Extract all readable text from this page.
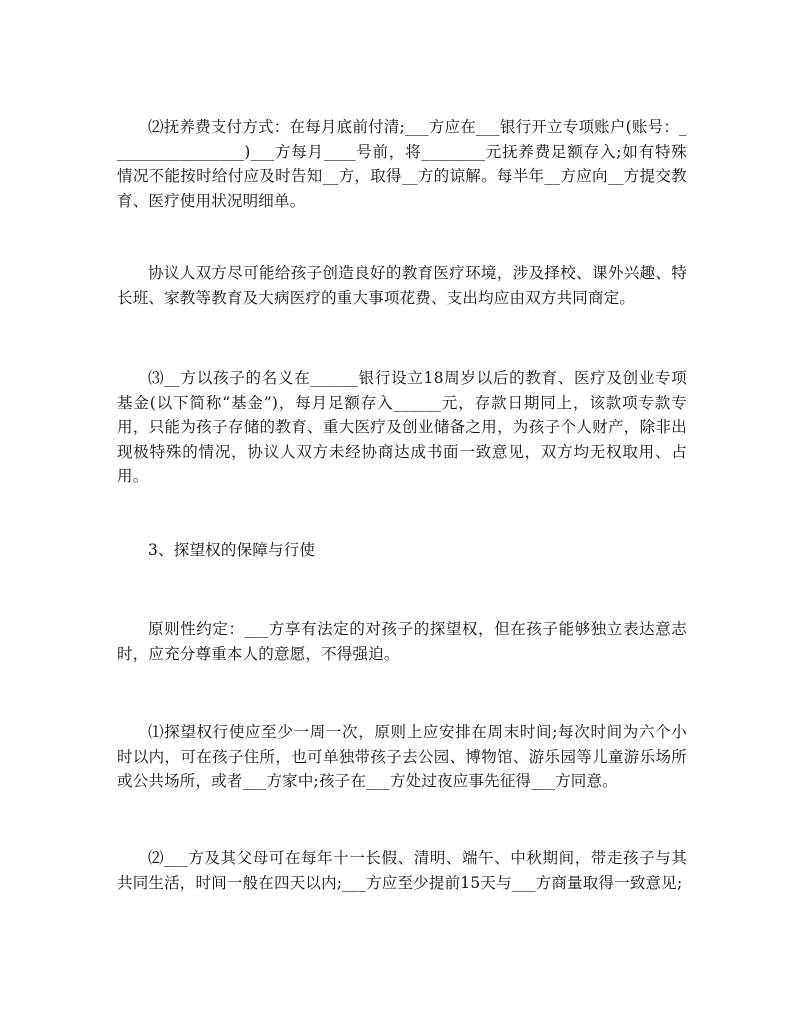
⑵抚养费支付方式：在每月底前付清;___方应在___银行开立专项账户(账号：_________________)___方每月____号前，将________元抚养费足额存入;如有特殊情况不能按时给付应及时告知__方，取得__方的谅解。每半年__方应向__方提交教育、医疗使用状况明细单。

协议人双方尽可能给孩子创造良好的教育医疗环境，涉及择校、课外兴趣、特长班、家教等教育及大病医疗的重大事项花费、支出均应由双方共同商定。

⑶__方以孩子的名义在______银行设立18周岁以后的教育、医疗及创业专项基金(以下简称“基金”)，每月足额存入______元，存款日期同上，该款项专款专用，只能为孩子存储的教育、重大医疗及创业储备之用，为孩子个人财产，除非出现极特殊的情况，协议人双方未经协商达成书面一致意见，双方均无权取用、占用。

3、探望权的保障与行使

原则性约定：___方享有法定的对孩子的探望权，但在孩子能够独立表达意志时，应充分尊重本人的意愿，不得强迫。

⑴探望权行使应至少一周一次，原则上应安排在周末时间;每次时间为六个小时以内，可在孩子住所，也可单独带孩子去公园、博物馆、游乐园等儿童游乐场所或公共场所，或者___方家中;孩子在___方处过夜应事先征得___方同意。

⑵___方及其父母可在每年十一长假、清明、端午、中秋期间，带走孩子与其共同生活，时间一般在四天以内;___方应至少提前15天与___方商量取得一致意见;
